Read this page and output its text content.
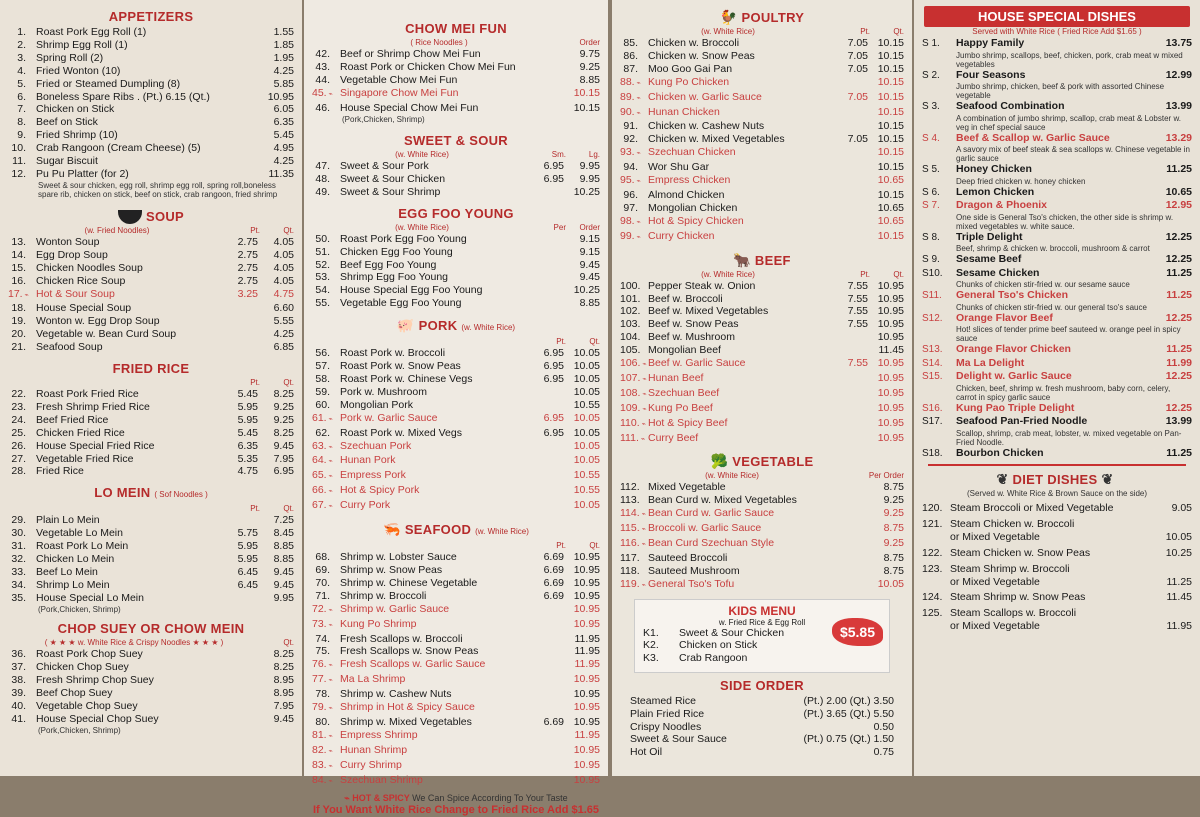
APPETIZERS
1. Roast Pork Egg Roll (1)	1.55
2. Shrimp Egg Roll (1)	1.85
3. Spring Roll (2)	1.95
4. Fried Wonton (10)	4.25
5. Fried or Steamed Dumpling (8)	5.85
6. Boneless Spare Ribs . (Pt.) 6.15 (Qt.)	10.95
7. Chicken on Stick	6.05
8. Beef on Stick	6.35
9. Fried Shrimp (10)	5.45
10. Crab Rangoon (Cream Cheese) (5)	4.95
11. Sugar Biscuit	4.25
12. Pu Pu Platter (for 2)	11.35
Sweet & sour chicken, egg roll, shrimp egg roll, spring roll,boneless spare rib, chicken on stick, beef on stick, crab rangoon, fried shrimp
SOUP
(w. Fried Noodles)	Pt.	Qt.
13. Wonton Soup	2.75	4.05
14. Egg Drop Soup	2.75	4.05
15. Chicken Noodles Soup	2.75	4.05
16. Chicken Rice Soup	2.75	4.05
17. ⌁	Hot & Sour Soup	3.25	4.75
18. House Special Soup	6.60
19. Wonton w. Egg Drop Soup	5.55
20. Vegetable w. Bean Curd Soup	4.25
21. Seafood Soup	6.85
FRIED RICE
Pt.	Qt.
22. Roast Pork Fried Rice	5.45	8.25
23. Fresh Shrimp Fried Rice	5.95	9.25
24. Beef Fried Rice	5.95	9.25
25. Chicken Fried Rice	5.45	8.25
26. House Special Fried Rice	6.35	9.45
27. Vegetable Fried Rice	5.35	7.95
28. Fried Rice	4.75	6.95
LO MEIN ( Sof Noodles )
Pt.	Qt.
29. Plain Lo Mein	7.25
30. Vegetable Lo Mein	5.75	8.45
31. Roast Pork Lo Mein	5.95	8.85
32. Chicken Lo Mein	5.95	8.85
33. Beef Lo Mein	6.45	9.45
34. Shrimp Lo Mein	6.45	9.45
35. House Special Lo Mein	9.95
(Pork,Chicken, Shrimp)
CHOP SUEY OR CHOW MEIN
( ★ ★ ★ w. White Rice & Crispy Noodles ★ ★ ★ )	Qt.
36. Roast Pork Chop Suey	8.25
37. Chicken Chop Suey	8.25
38. Fresh Shrimp Chop Suey	8.95
39. Beef Chop Suey	8.95
40. Vegetable Chop Suey	7.95
41. House Special Chop Suey	9.45
(Pork,Chicken, Shrimp)
CHOW MEI FUN
( Rice Noodles )	Order
42. Beef or Shrimp Chow Mei Fun	9.75
43. Roast Pork or Chicken Chow Mei Fun	9.25
44. Vegetable Chow Mei Fun	8.85
45. ⌁	Singapore Chow Mei Fun	10.15
46. House Special Chow Mei Fun	10.15
(Pork,Chicken, Shrimp)
SWEET & SOUR
(w. White Rice)	Sm.	Lg.
47. Sweet & Sour Pork	6.95	9.95
48. Sweet & Sour Chicken	6.95	9.95
49. Sweet & Sour Shrimp	10.25
EGG FOO YOUNG
(w. White Rice)	Per	Order
50. Roast Pork Egg Foo Young	9.15
51. Chicken Egg Foo Young	9.15
52. Beef Egg Foo Young	9.45
53. Shrimp Egg Foo Young	9.45
54. House Special Egg Foo Young	10.25
55. Vegetable Egg Foo Young	8.85
🐖 PORK (w. White Rice)
Pt.	Qt.
56. Roast Pork w. Broccoli	6.95 10.05
57. Roast Pork w. Snow Peas	6.95 10.05
58. Roast Pork w. Chinese Vegs	6.95 10.05
59. Pork w. Mushroom	10.05
60. Mongolian Pork	10.55
61. ⌁	Pork w. Garlic Sauce	6.95 10.05
62. Roast Pork w. Mixed Vegs	6.95 10.05
63. ⌁	Szechuan Pork	10.05
64. ⌁	Hunan Pork	10.05
65. ⌁	Empress Pork	10.55
66. ⌁	Hot & Spicy Pork	10.55
67. ⌁	Curry Pork	10.05
🦐 SEAFOOD (w. White Rice)
Pt.	Qt.
68. Shrimp w. Lobster Sauce	6.69 10.95
69. Shrimp w. Snow Peas	6.69 10.95
70. Shrimp w. Chinese Vegetable	6.69 10.95
71. Shrimp w. Broccoli	6.69 10.95
72. ⌁	Shrimp w. Garlic Sauce	10.95
73. ⌁	Kung Po Shrimp	10.95
74. Fresh Scallops w. Broccoli	11.95
75. Fresh Scallops w. Snow Peas	11.95
76. ⌁	Fresh Scallops w. Garlic Sauce	11.95
77. ⌁	Ma La Shrimp	10.95
78. Shrimp w. Cashew Nuts	10.95
79. ⌁	Shrimp in Hot & Spicy Sauce	10.95
80. Shrimp w. Mixed Vegetables	6.69 10.95
81. ⌁	Empress Shrimp	11.95
82. ⌁	Hunan Shrimp	10.95
83. ⌁	Curry Shrimp	10.95
84. ⌁	Szechuan Shrimp	10.95
⌁ HOT & SPICY We Can Spice According To Your Taste
If You Want White Rice Change to Fried Rice Add $1.65
🐓 POULTRY
(w. White Rice)	Pt.	Qt.
85. Chicken w. Broccoli	7.05 10.15
86. Chicken w. Snow Peas	7.05 10.15
87. Moo Goo Gai Pan	7.05 10.15
88. ⌁	Kung Po Chicken	10.15
89. ⌁	Chicken w. Garlic Sauce	7.05 10.15
90. ⌁	Hunan Chicken	10.15
91. Chicken w. Cashew Nuts	10.15
92. Chicken w. Mixed Vegetables	7.05 10.15
93. ⌁	Szechuan Chicken	10.15
94. Wor Shu Gar	10.15
95. ⌁	Empress Chicken	10.65
96. Almond Chicken	10.15
97. Mongolian Chicken	10.65
98. ⌁	Hot & Spicy Chicken	10.65
99. ⌁	Curry Chicken	10.15
🐂 BEEF
(w. White Rice)	Pt.	Qt.
100. Pepper Steak w. Onion	7.55 10.95
101. Beef w. Broccoli	7.55 10.95
102. Beef w. Mixed Vegetables	7.55 10.95
103. Beef w. Snow Peas	7.55 10.95
104. Beef w. Mushroom	10.95
105. Mongolian Beef	11.45
106. ⌁ Beef w. Garlic Sauce	7.55 10.95
107. ⌁ Hunan Beef	10.95
108. ⌁ Szechuan Beef	10.95
109. ⌁ Kung Po Beef	10.95
110. ⌁ Hot & Spicy Beef	10.95
111. ⌁ Curry Beef	10.95
🥦 VEGETABLE
(w. White Rice)	Per Order
112. Mixed Vegetable	8.75
113. Bean Curd w. Mixed Vegetables	9.25
114. ⌁ Bean Curd w. Garlic Sauce	9.25
115. ⌁ Broccoli w. Garlic Sauce	8.75
116. ⌁ Bean Curd Szechuan Style	9.25
117. Sauteed Broccoli	8.75
118. Sauteed Mushroom	8.75
119. ⌁ General Tso's Tofu	10.05
KIDS MENU
w. Fried Rice & Egg Roll
K1.	Sweet & Sour Chicken
K2.	Chicken on Stick
K3.	Crab Rangoon
$5.85
SIDE ORDER
Steamed Rice	(Pt.) 2.00 (Qt.) 3.50
Plain Fried Rice	(Pt.) 3.65 (Qt.) 5.50
Crispy Noodles	0.50
Sweet & Sour Sauce	(Pt.) 0.75 (Qt.) 1.50
Hot Oil	0.75
HOUSE SPECIAL DISHES
Served with White Rice ( Fried Rice Add $1.65 )
S 1.	Happy Family	13.75
Jumbo shrimp, scallops, beef, chicken, pork, crab meat w mixed vegetables
S 2.	Four Seasons	12.99
Jumbo shrimp, chicken, beef & pork with assorted Chinese vegetable
S 3.	Seafood Combination	13.99
A combination of jumbo shrimp, scallop, crab meat & Lobster w. veg in chef special sauce
S 4.	Beef & Scallop w. Garlic Sauce	13.29
A savory mix of beef steak & sea scallops w. Chinese vegetable in garlic sauce
S 5.	Honey Chicken	11.25
Deep fried chicken w. honey chicken
S 6.	Lemon Chicken	10.65
S 7.	Dragon & Phoenix	12.95
One side is General Tso's chicken, the other side is shrimp w. mixed vegetables w. white sauce.
S 8.	Triple Delight	12.25
Beef, shrimp & chicken w. broccoli, mushroom & carrot
S 9.	Sesame Beef	12.25
S10.	Sesame Chicken	11.25
Chunks of chicken stir-fried w. our sesame sauce
S11.	General Tso's Chicken	11.25
Chunks of chicken stir-fried w. our general tso's sauce
S12.	Orange Flavor Beef	12.25
Hot! slices of tender prime beef sauteed w. orange peel in spicy sauce
S13.	Orange Flavor Chicken	11.25
S14.	Ma La Delight	11.99
S15.	Delight w. Garlic Sauce	12.25
Chicken, beef, shrimp w. fresh mushroom, baby corn, celery, carrot in spicy garlic sauce
S16.	Kung Pao Triple Delight	12.25
S17.	Seafood Pan-Fried Noodle	13.99
Scallop, shrimp, crab meat, lobster, w. mixed vegetable on Pan-Fried Noodle.
S18.	Bourbon Chicken	11.25
❦ DIET DISHES ❦
(Served w. White Rice & Brown Sauce on the side)
120. Steam Broccoli or Mixed Vegetable	9.05
121. Steam Chicken w. Broccoli
or Mixed Vegetable	10.05
122. Steam Chicken w. Snow Peas	10.25
123. Steam Shrimp w. Broccoli
or Mixed Vegetable	11.25
124. Steam Shrimp w. Snow Peas	11.45
125. Steam Scallops w. Broccoli
or Mixed Vegetable	11.95
